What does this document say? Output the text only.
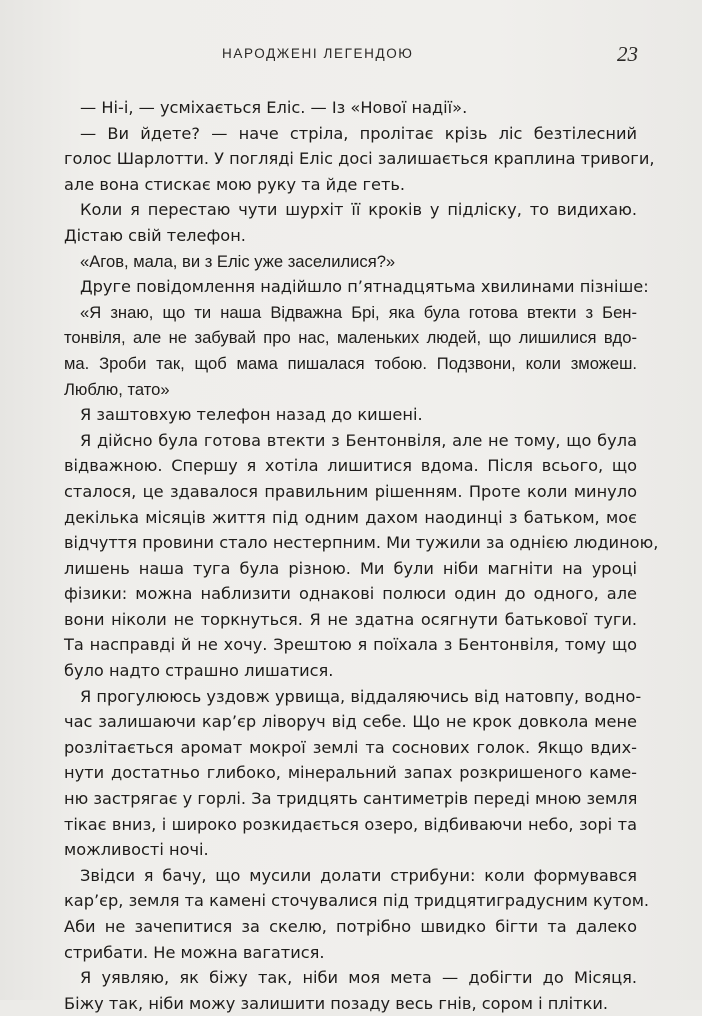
НАРОДЖЕНІ ЛЕГЕНДОЮ	23
— Ні-і, — усміхається Еліс. — Із «Нової надії».
— Ви йдете? — наче стріла, пролітає крізь ліс безтілесний
голос Шарлотти. У погляді Еліс досі залишається краплина тривоги,
але вона стискає мою руку та йде геть.
Коли я перестаю чути шурхіт її кроків у підліску, то видихаю.
Дістаю свій телефон.
«Агов, мала, ви з Еліс уже заселилися?»
Друге повідомлення надійшло п’ятнадцятьма хвилинами пізніше:
«Я знаю, що ти наша Відважна Брі, яка була готова втекти з Бен-
тонвіля, але не забувай про нас, маленьких людей, що лишилися вдо-
ма. Зроби так, щоб мама пишалася тобою. Подзвони, коли зможеш.
Люблю, тато»
Я заштовхую телефон назад до кишені.
Я дійсно була готова втекти з Бентонвіля, але не тому, що була
відважною. Спершу я хотіла лишитися вдома. Після всього, що
сталося, це здавалося правильним рішенням. Проте коли минуло
декілька місяців життя під одним дахом наодинці з батьком, моє
відчуття провини стало нестерпним. Ми тужили за однією людиною,
лишень наша туга була різною. Ми були ніби магніти на уроці
фізики: можна наблизити однакові полюси один до одного, але
вони ніколи не торкнуться. Я не здатна осягнути батькової туги.
Та насправді й не хочу. Зрештою я поїхала з Бентонвіля, тому що
було надто страшно лишатися.
Я прогулююсь уздовж урвища, віддаляючись від натовпу, водно-
час залишаючи кар’єр ліворуч від себе. Що не крок довкола мене
розлітається аромат мокрої землі та соснових голок. Якщо вдих-
нути достатньо глибоко, мінеральний запах розкришеного каме-
ню застрягає у горлі. За тридцять сантиметрів переді мною земля
тікає вниз, і широко розкидається озеро, відбиваючи небо, зорі та
можливості ночі.
Звідси я бачу, що мусили долати стрибуни: коли формувався
кар’єр, земля та камені сточувалися під тридцятиградусним кутом.
Аби не зачепитися за скелю, потрібно швидко бігти та далеко
стрибати. Не можна вагатися.
Я уявляю, як біжу так, ніби моя мета — добігти до Місяця.
Біжу так, ніби можу залишити позаду весь гнів, сором і плітки.
